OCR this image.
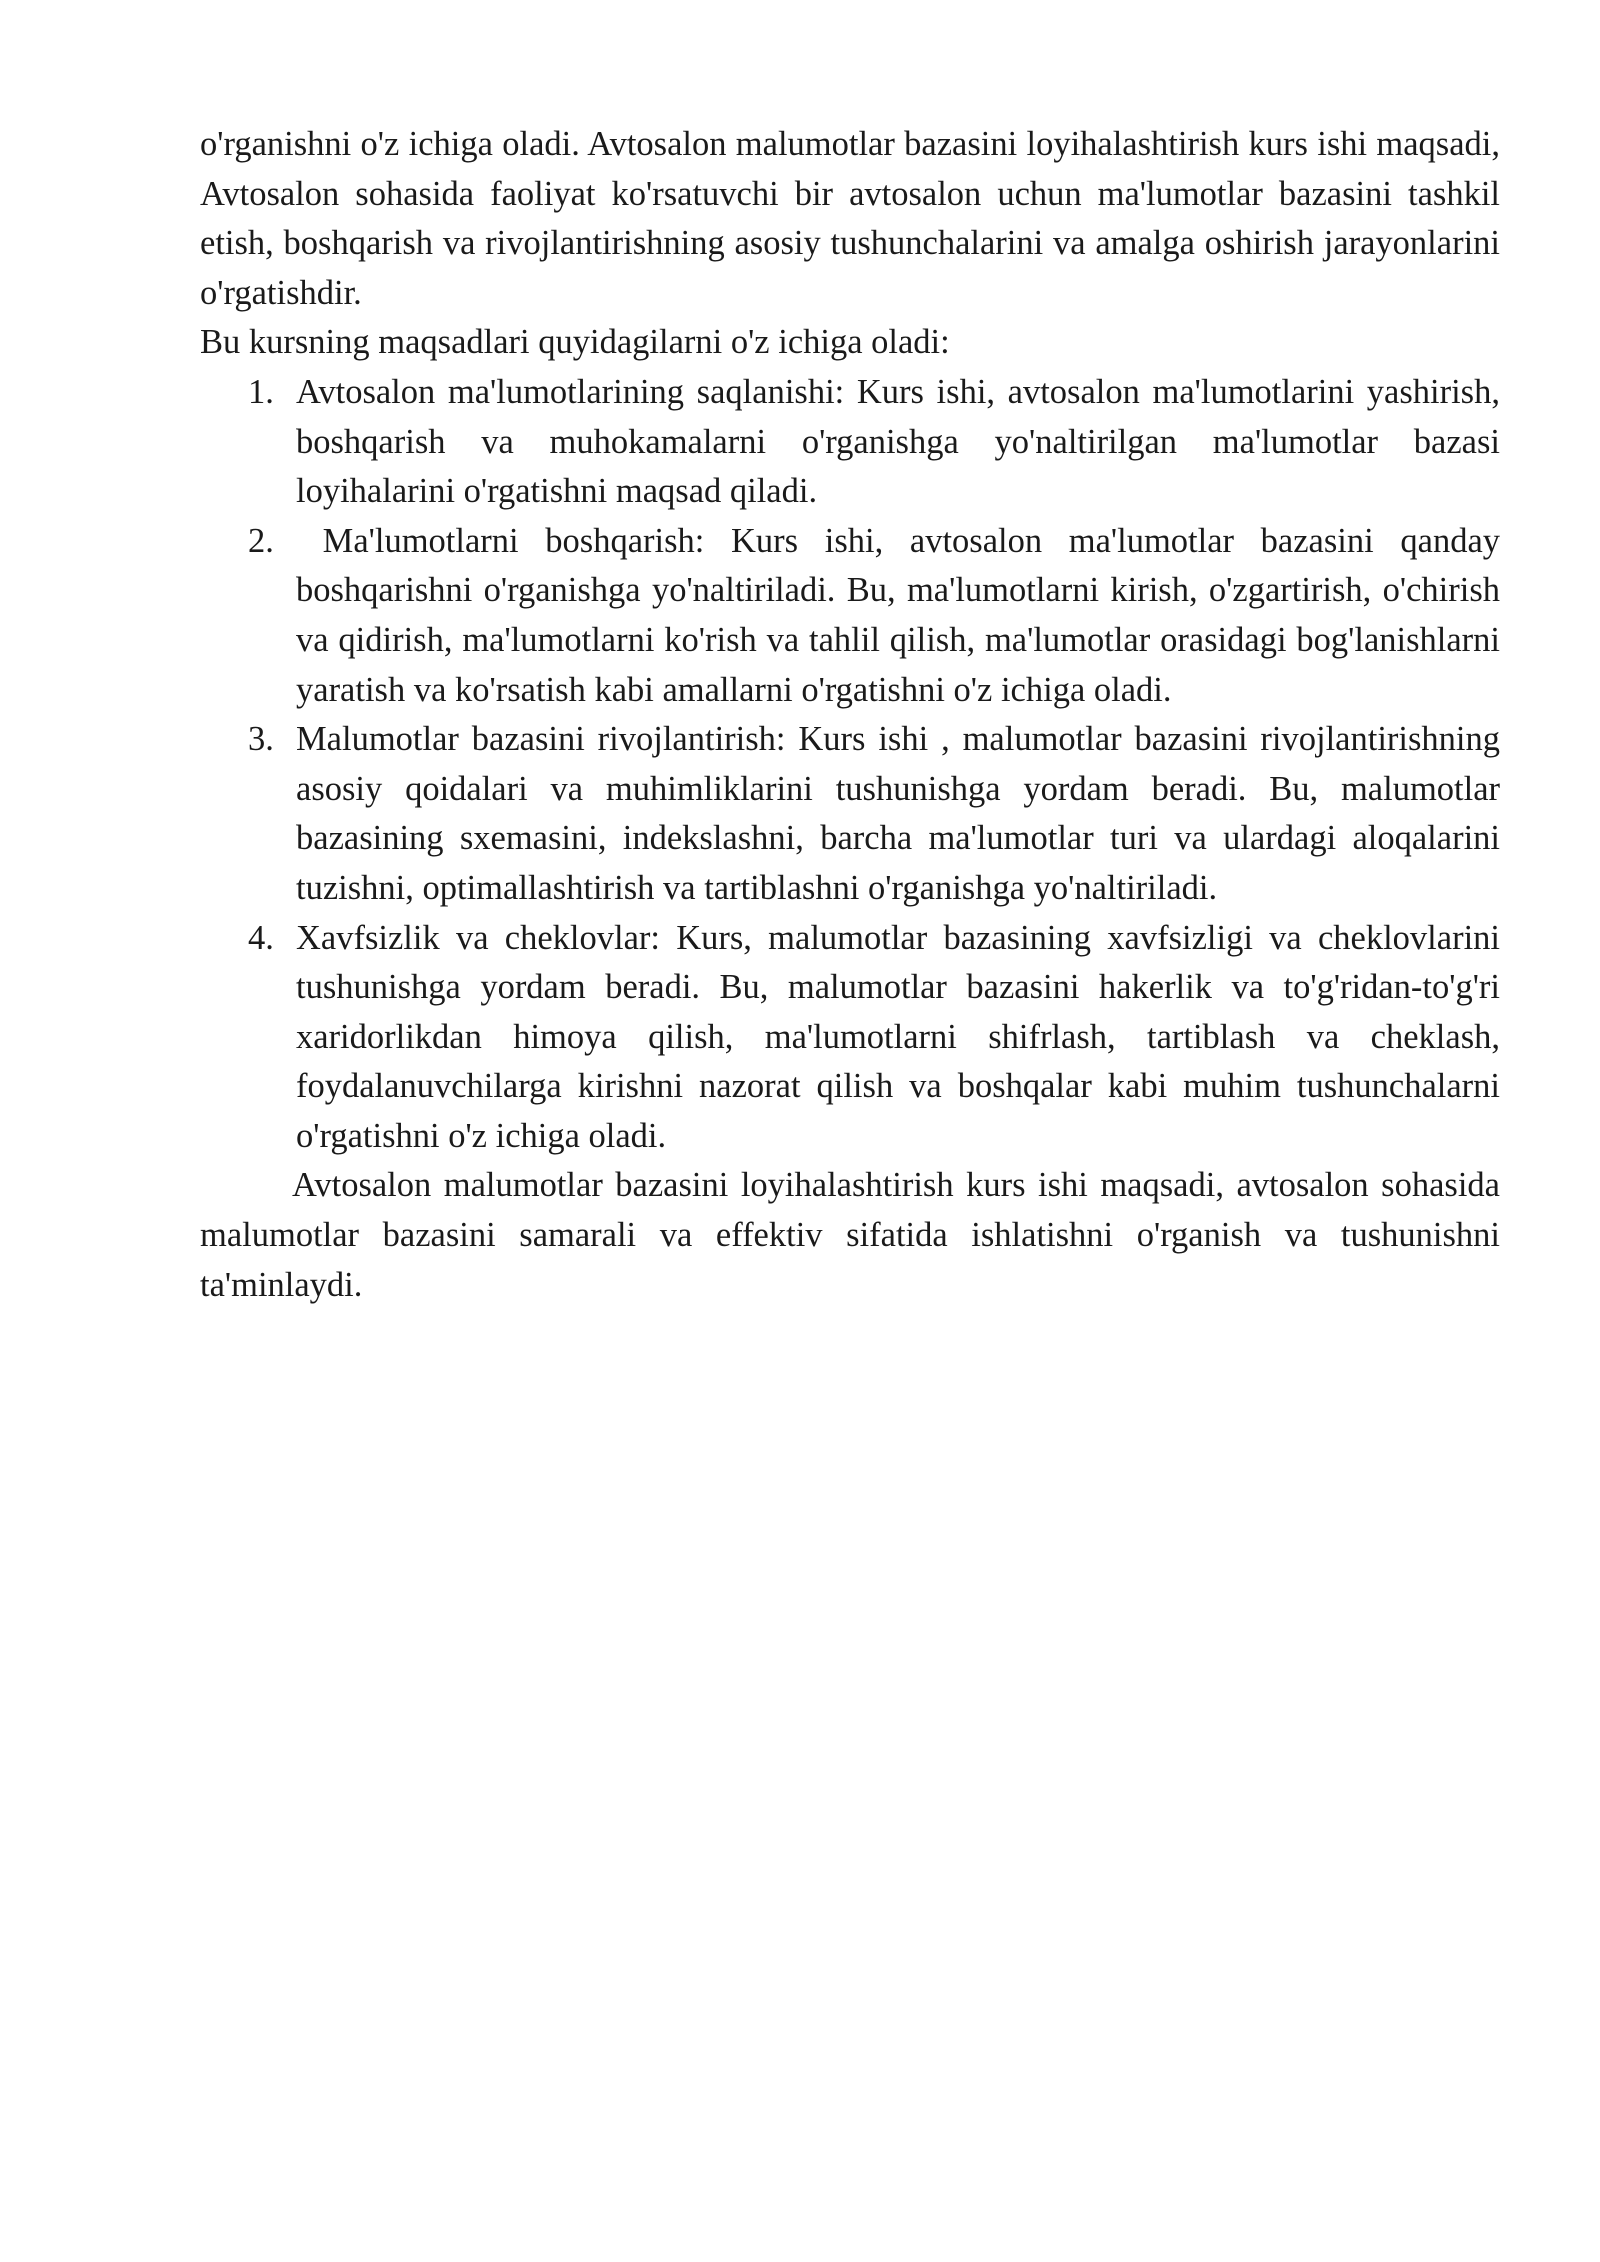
o'rganishni o'z ichiga oladi. Avtosalon malumotlar bazasini loyihalashtirish kurs ishi maqsadi, Avtosalon sohasida faoliyat ko'rsatuvchi bir avtosalon uchun ma'lumotlar bazasini tashkil etish, boshqarish va rivojlantirishning asosiy tushunchalarini va amalga oshirish jarayonlarini o'rgatishdir.

Bu kursning maqsadlari quyidagilarni o'z ichiga oladi:

1. Avtosalon ma'lumotlarining saqlanishi: Kurs ishi, avtosalon ma'lumotlarini yashirish, boshqarish va muhokamalarni o'rganishga yo'naltirilgan ma'lumotlar bazasi loyihalarini o'rgatishni maqsad qiladi.
2. Ma'lumotlarni boshqarish: Kurs ishi, avtosalon ma'lumotlar bazasini qanday boshqarishni o'rganishga yo'naltiriladi. Bu, ma'lumotlarni kirish, o'zgartirish, o'chirish va qidirish, ma'lumotlarni ko'rish va tahlil qilish, ma'lumotlar orasidagi bog'lanishlarni yaratish va ko'rsatish kabi amallarni o'rgatishni o'z ichiga oladi.
3. Malumotlar bazasini rivojlantirish: Kurs ishi , malumotlar bazasini rivojlantirishning asosiy qoidalari va muhimliklarini tushunishga yordam beradi. Bu, malumotlar bazasining sxemasini, indekslashni, barcha ma'lumotlar turi va ulardagi aloqalarini tuzishni, optimallashtirish va tartiblashni o'rganishga yo'naltiriladi.
4. Xavfsizlik va cheklovlar: Kurs, malumotlar bazasining xavfsizligi va cheklovlarini tushunishga yordam beradi. Bu, malumotlar bazasini hakerlik va to'g'ridan-to'g'ri xaridorlikdan himoya qilish, ma'lumotlarni shifrlash, tartiblash va cheklash, foydalanuvchilarga kirishni nazorat qilish va boshqalar kabi muhim tushunchalarni o'rgatishni o'z ichiga oladi.

Avtosalon malumotlar bazasini loyihalashtirish kurs ishi maqsadi, avtosalon sohasida malumotlar bazasini samarali va effektiv sifatida ishlatishni o'rganish va tushunishni ta'minlaydi.
